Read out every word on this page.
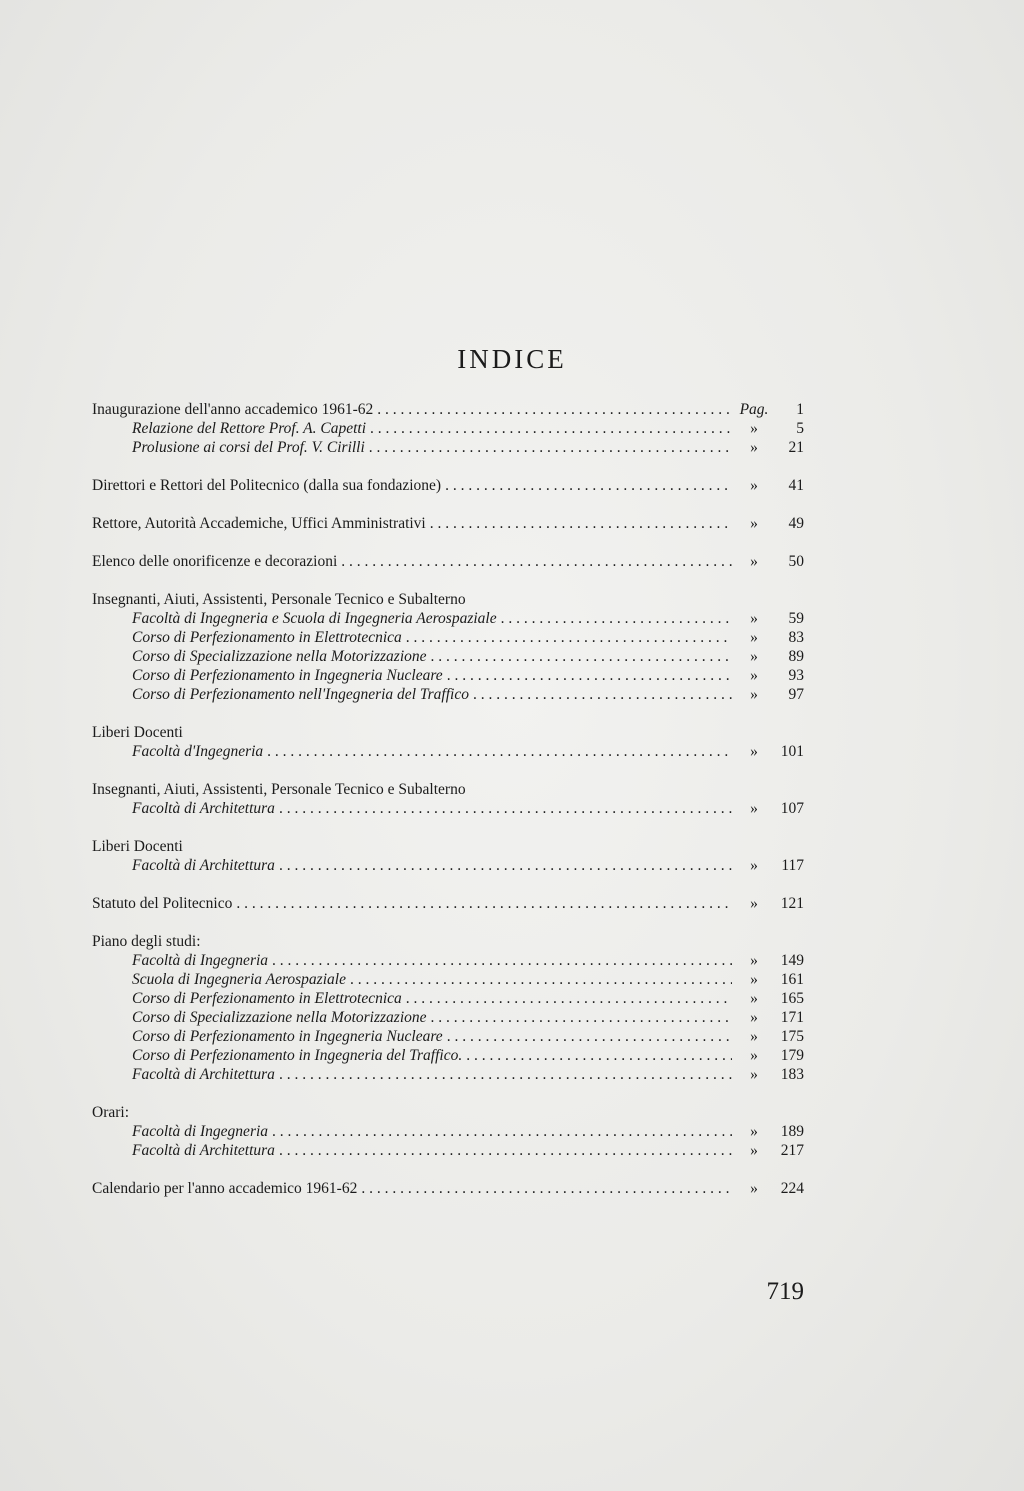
INDICE
Inaugurazione dell'anno accademico 1961-62 . . .	Pag.	1
Relazione del Rettore Prof. A. Capetti . . .	»	5
Prolusione ai corsi del Prof. V. Cirilli . . .	»	21
Direttori e Rettori del Politecnico (dalla sua fondazione) . . .	»	41
Rettore, Autorità Accademiche, Uffici Amministrativi . . .	»	49
Elenco delle onorificenze e decorazioni . . .	»	50
Insegnanti, Aiuti, Assistenti, Personale Tecnico e Subalterno
Facoltà di Ingegneria e Scuola di Ingegneria Aerospaziale . . .	»	59
Corso di Perfezionamento in Elettrotecnica . . .	»	83
Corso di Specializzazione nella Motorizzazione . . .	»	89
Corso di Perfezionamento in Ingegneria Nucleare . . .	»	93
Corso di Perfezionamento nell'Ingegneria del Traffico . . .	»	97
Liberi Docenti
Facoltà d'Ingegneria . . .	»	101
Insegnanti, Aiuti, Assistenti, Personale Tecnico e Subalterno
Facoltà di Architettura . . .	»	107
Liberi Docenti
Facoltà di Architettura . . .	»	117
Statuto del Politecnico . . .	»	121
Piano degli studi:
Facoltà di Ingegneria . . .	»	149
Scuola di Ingegneria Aerospaziale . . .	»	161
Corso di Perfezionamento in Elettrotecnica . . .	»	165
Corso di Specializzazione nella Motorizzazione . . .	»	171
Corso di Perfezionamento in Ingegneria Nucleare . . .	»	175
Corso di Perfezionamento in Ingegneria del Traffico. . . .	»	179
Facoltà di Architettura . . .	»	183
Orari:
Facoltà di Ingegneria . . .	»	189
Facoltà di Architettura . . .	»	217
Calendario per l'anno accademico 1961-62 . . .	»	224
719
